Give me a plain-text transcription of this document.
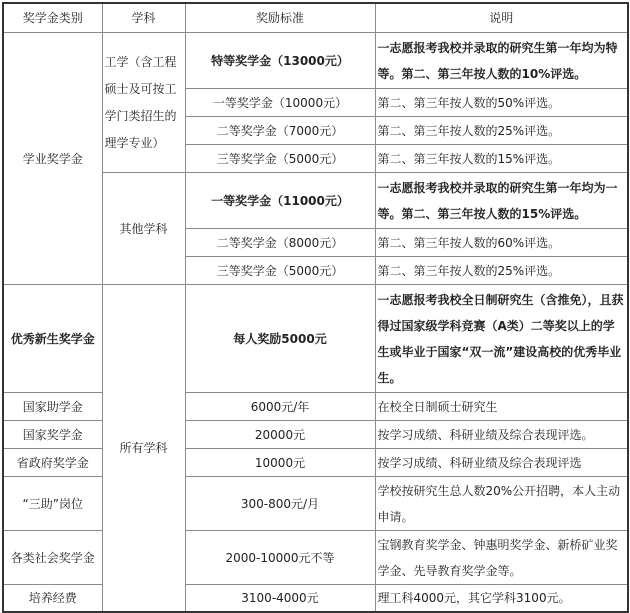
奖学金类别	学科	奖励标准	说明
学业奖学金	工学（含工程硕士及可按工学门类招生的理学专业）	特等奖学金（13000元）	一志愿报考我校并录取的研究生第一年均为特等。第二、第三年按人数的10%评选。
		一等奖学金（10000元）	第二、第三年按人数的50%评选。
		二等奖学金（7000元）	第二、第三年按人数的25%评选。
		三等奖学金（5000元）	第二、第三年按人数的15%评选。
	其他学科	一等奖学金（11000元）	一志愿报考我校并录取的研究生第一年均为一等。第二、第三年按人数的15%评选。
		二等奖学金（8000元）	第二、第三年按人数的60%评选。
		三等奖学金（5000元）	第二、第三年按人数的25%评选。
优秀新生奖学金	所有学科	每人奖励5000元	一志愿报考我校全日制研究生（含推免），且获得过国家级学科竞赛（A类）二等奖以上的学生或毕业于国家“双一流”建设高校的优秀毕业生。
国家助学金		6000元/年	在校全日制硕士研究生
国家奖学金		20000元	按学习成绩、科研业绩及综合表现评选。
省政府奖学金		10000元	按学习成绩、科研业绩及综合表现评选
“三助”岗位		300-800元/月	学校按研究生总人数20%公开招聘，本人主动申请。
各类社会奖学金		2000-10000元不等	宝钢教育奖学金、钟惠明奖学金、新桥矿业奖学金、先导教育奖学金等。
培养经费		3100-4000元	理工科4000元，其它学科3100元。
